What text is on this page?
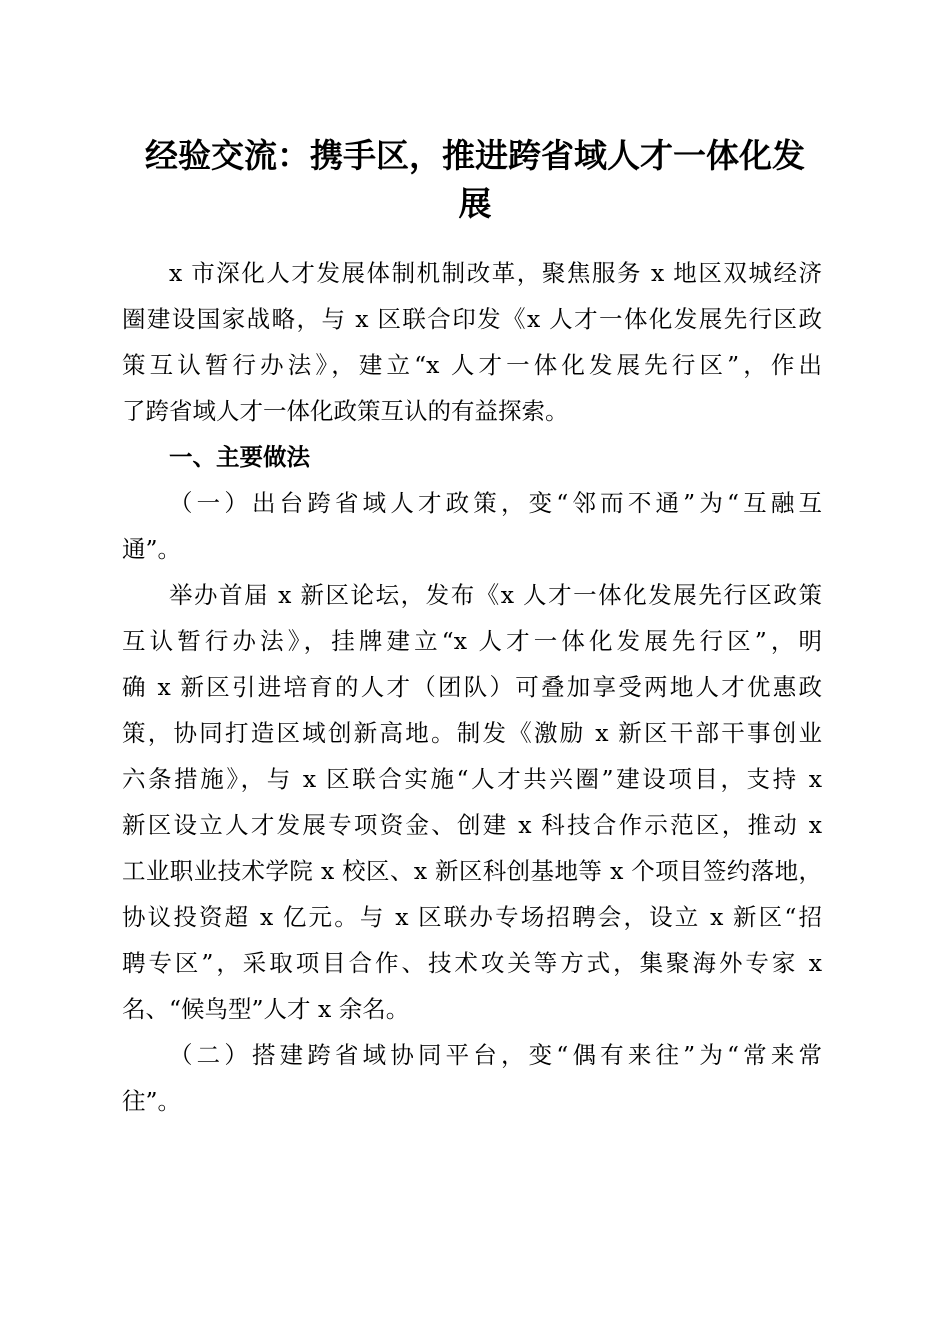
经验交流：携手区，推进跨省域人才一体化发
展
x 市深化人才发展体制机制改革，聚焦服务 x 地区双城经济
圈建设国家战略，与 x 区联合印发《x 人才一体化发展先行区政
策互认暂行办法》，建立“x 人才一体化发展先行区”，作出
了跨省域人才一体化政策互认的有益探索。
一、主要做法
（一）出台跨省域人才政策，变“邻而不通”为“互融互
通”。
举办首届 x 新区论坛，发布《x 人才一体化发展先行区政策
互认暂行办法》，挂牌建立“x 人才一体化发展先行区”，明
确 x 新区引进培育的人才（团队）可叠加享受两地人才优惠政
策，协同打造区域创新高地。制发《激励 x 新区干部干事创业
六条措施》，与 x 区联合实施“人才共兴圈”建设项目，支持 x
新区设立人才发展专项资金、创建 x 科技合作示范区，推动 x
工业职业技术学院 x 校区、x 新区科创基地等 x 个项目签约落地，
协议投资超 x 亿元。与 x 区联办专场招聘会，设立 x 新区“招
聘专区”，采取项目合作、技术攻关等方式，集聚海外专家 x
名、“候鸟型”人才 x 余名。
（二）搭建跨省域协同平台，变“偶有来往”为“常来常
往”。
